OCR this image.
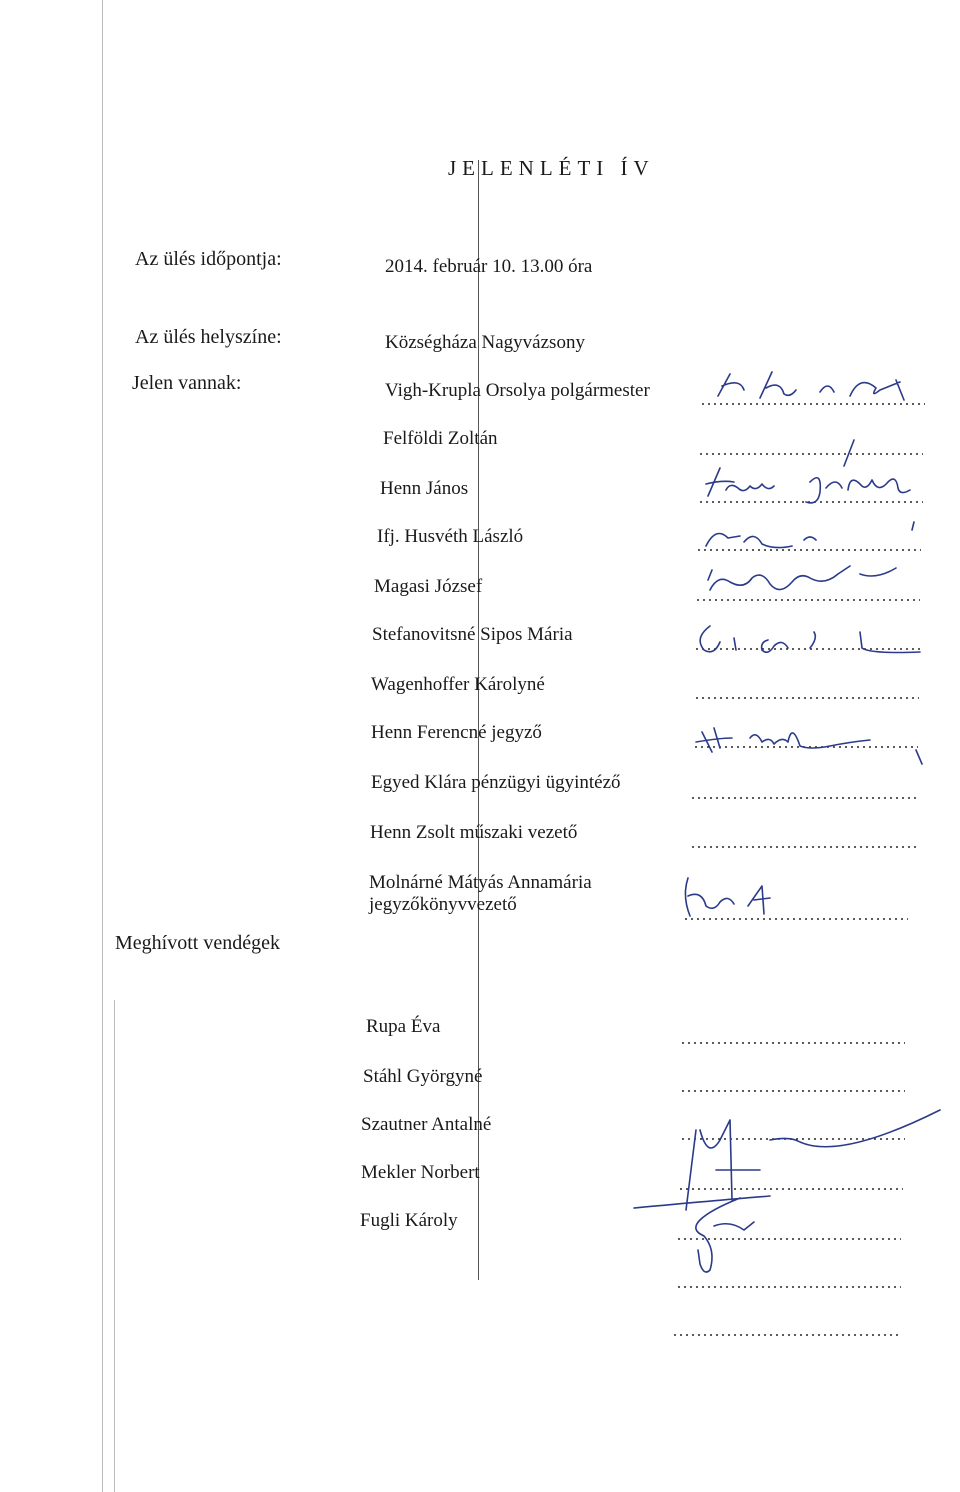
JELENLÉTI ÍV
Az ülés időpontja:	2014. február 10. 13.00 óra
Az ülés helyszíne:	Községháza Nagyvázsony
Jelen vannak:	Vigh-Krupla Orsolya polgármester
Felföldi Zoltán
Henn János
Ifj. Husvéth László
Magasi József
Stefanovitsné Sipos Mária
Wagenhoffer Károlyné
Henn Ferencné jegyző
Egyed Klára pénzügyi ügyintéző
Henn Zsolt műszaki vezető
Molnárné Mátyás Annamária
jegyzőkönyvvezető
Meghívott vendégek
Rupa Éva
Stáhl Györgyné
Szautner Antalné
Mekler Norbert
Fugli Károly
